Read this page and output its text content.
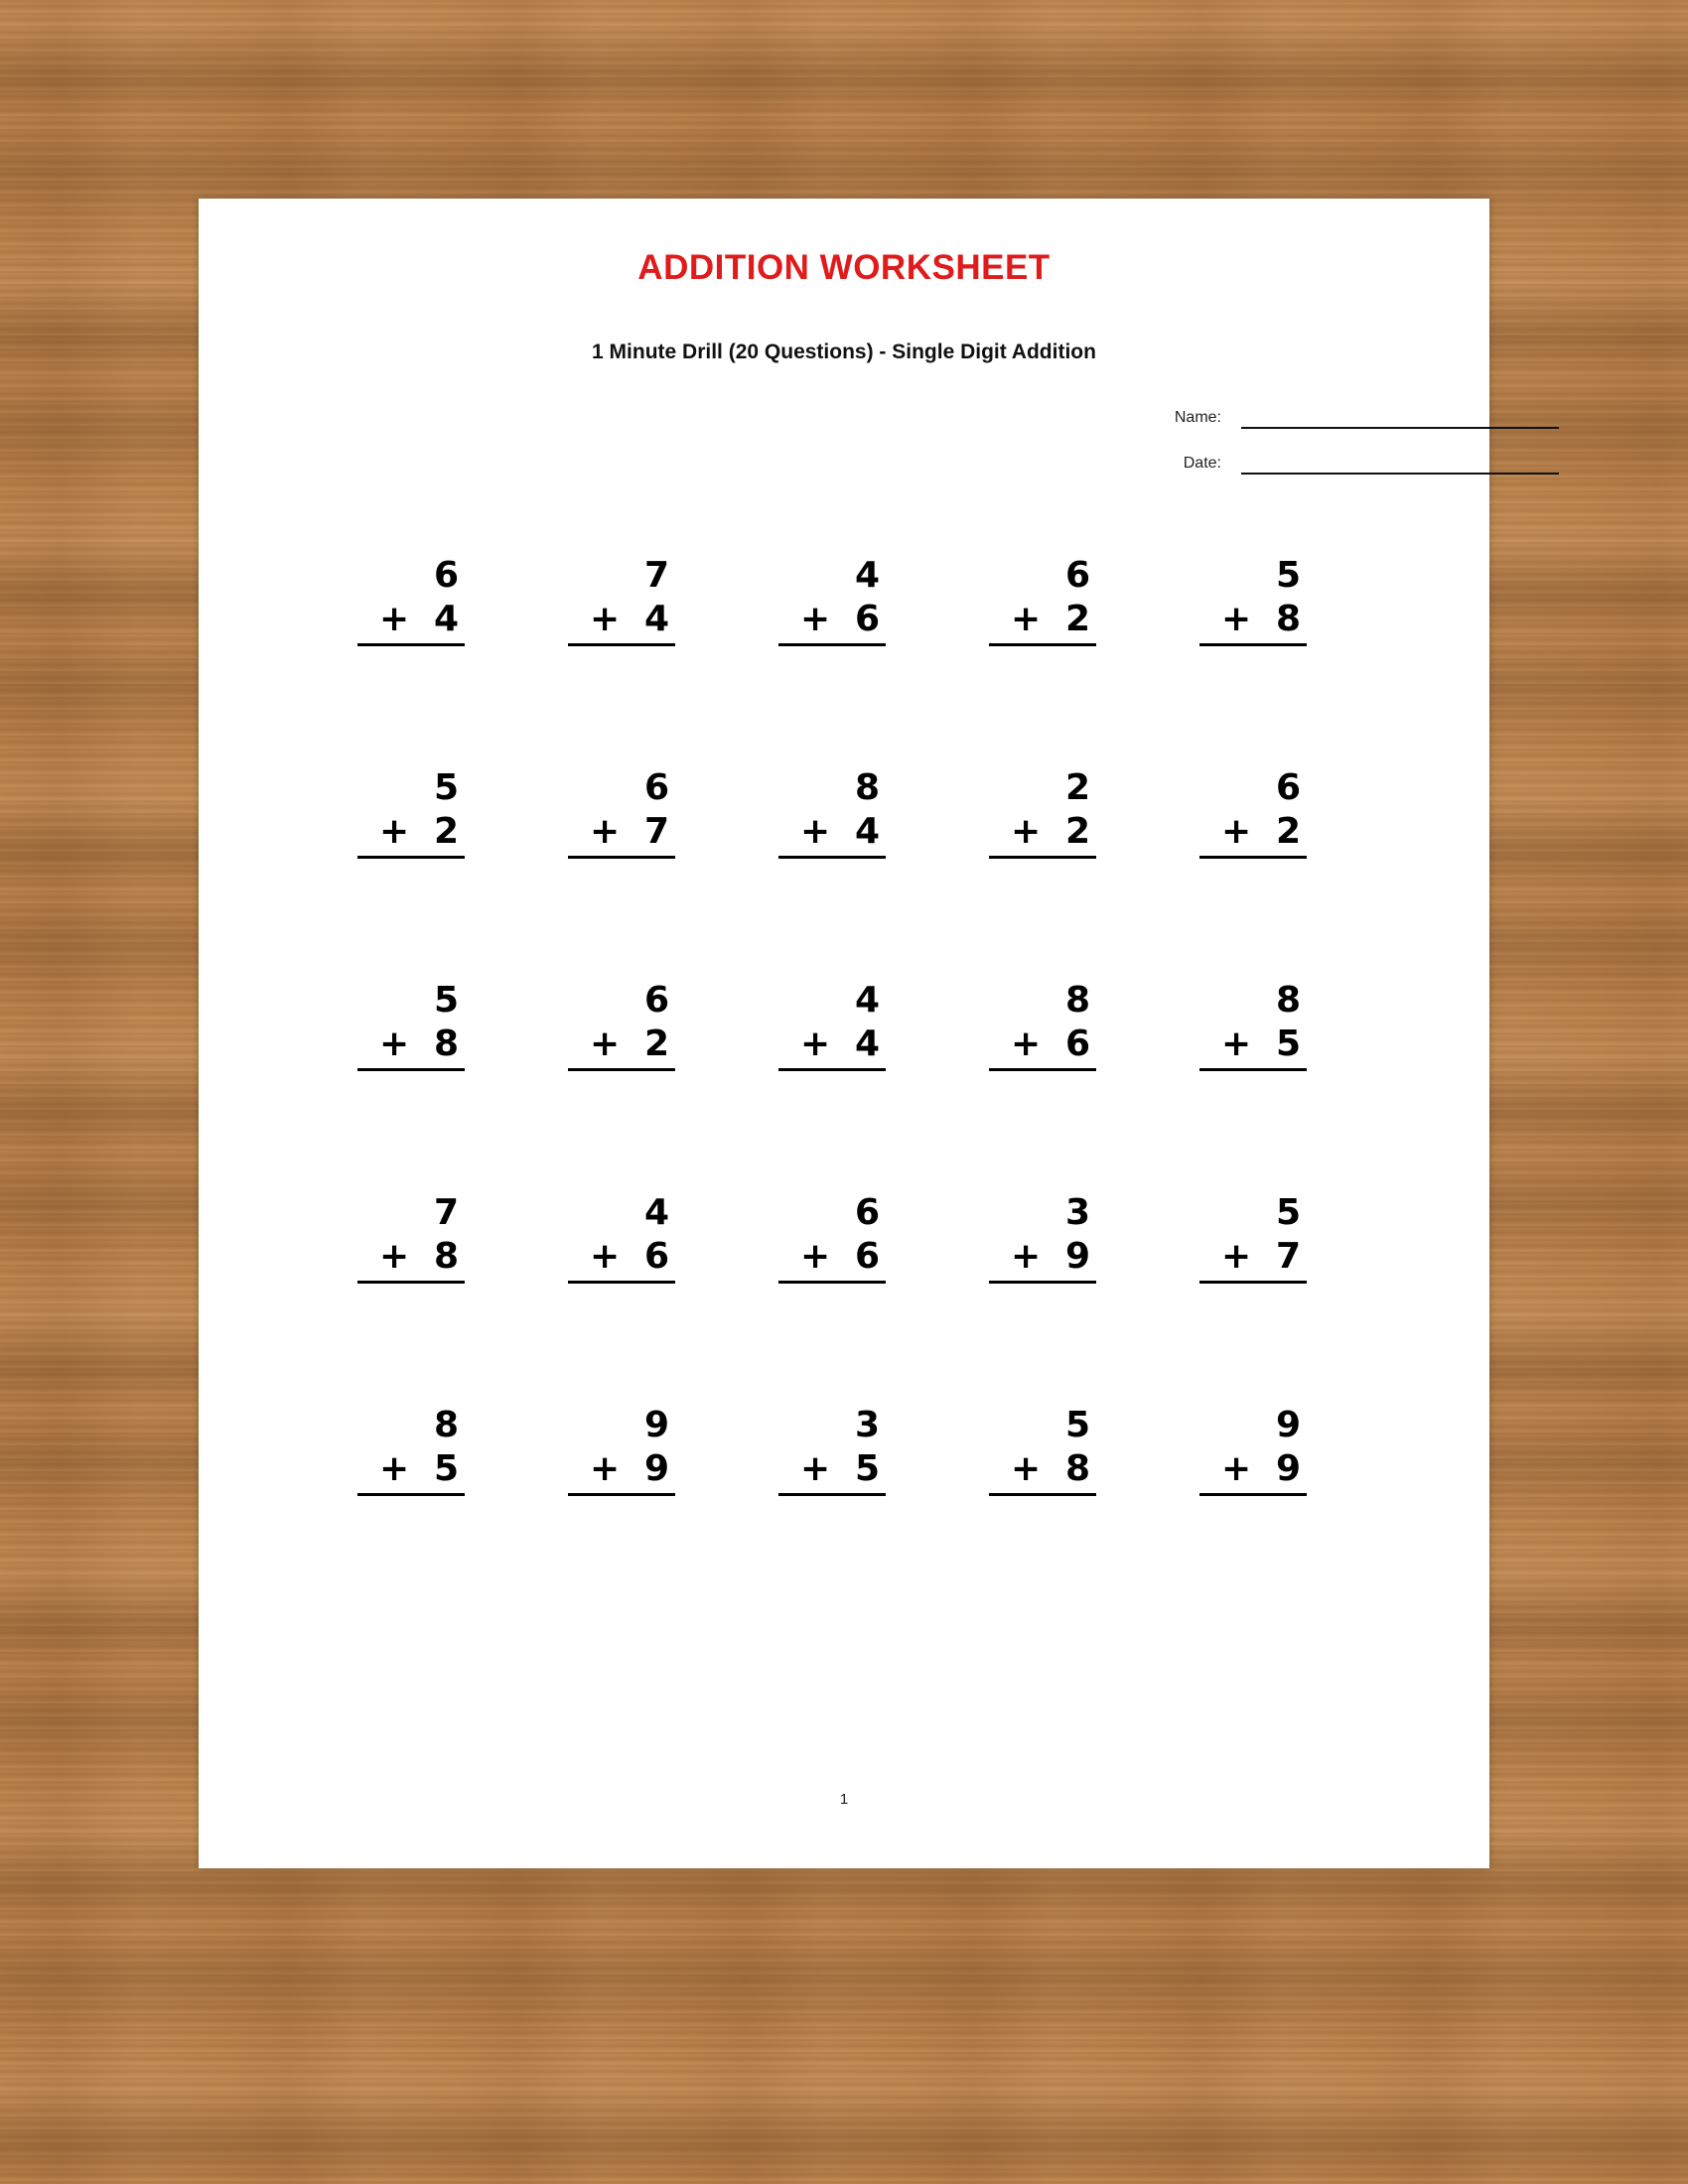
ADDITION WORKSHEET
1 Minute Drill (20 Questions) - Single Digit Addition
Name:
Date:
6
+ 4
7
+ 4
4
+ 6
6
+ 2
5
+ 8
5
+ 2
6
+ 7
8
+ 4
2
+ 2
6
+ 2
5
+ 8
6
+ 2
4
+ 4
8
+ 6
8
+ 5
7
+ 8
4
+ 6
6
+ 6
3
+ 9
5
+ 7
8
+ 5
9
+ 9
3
+ 5
5
+ 8
9
+ 9
1
